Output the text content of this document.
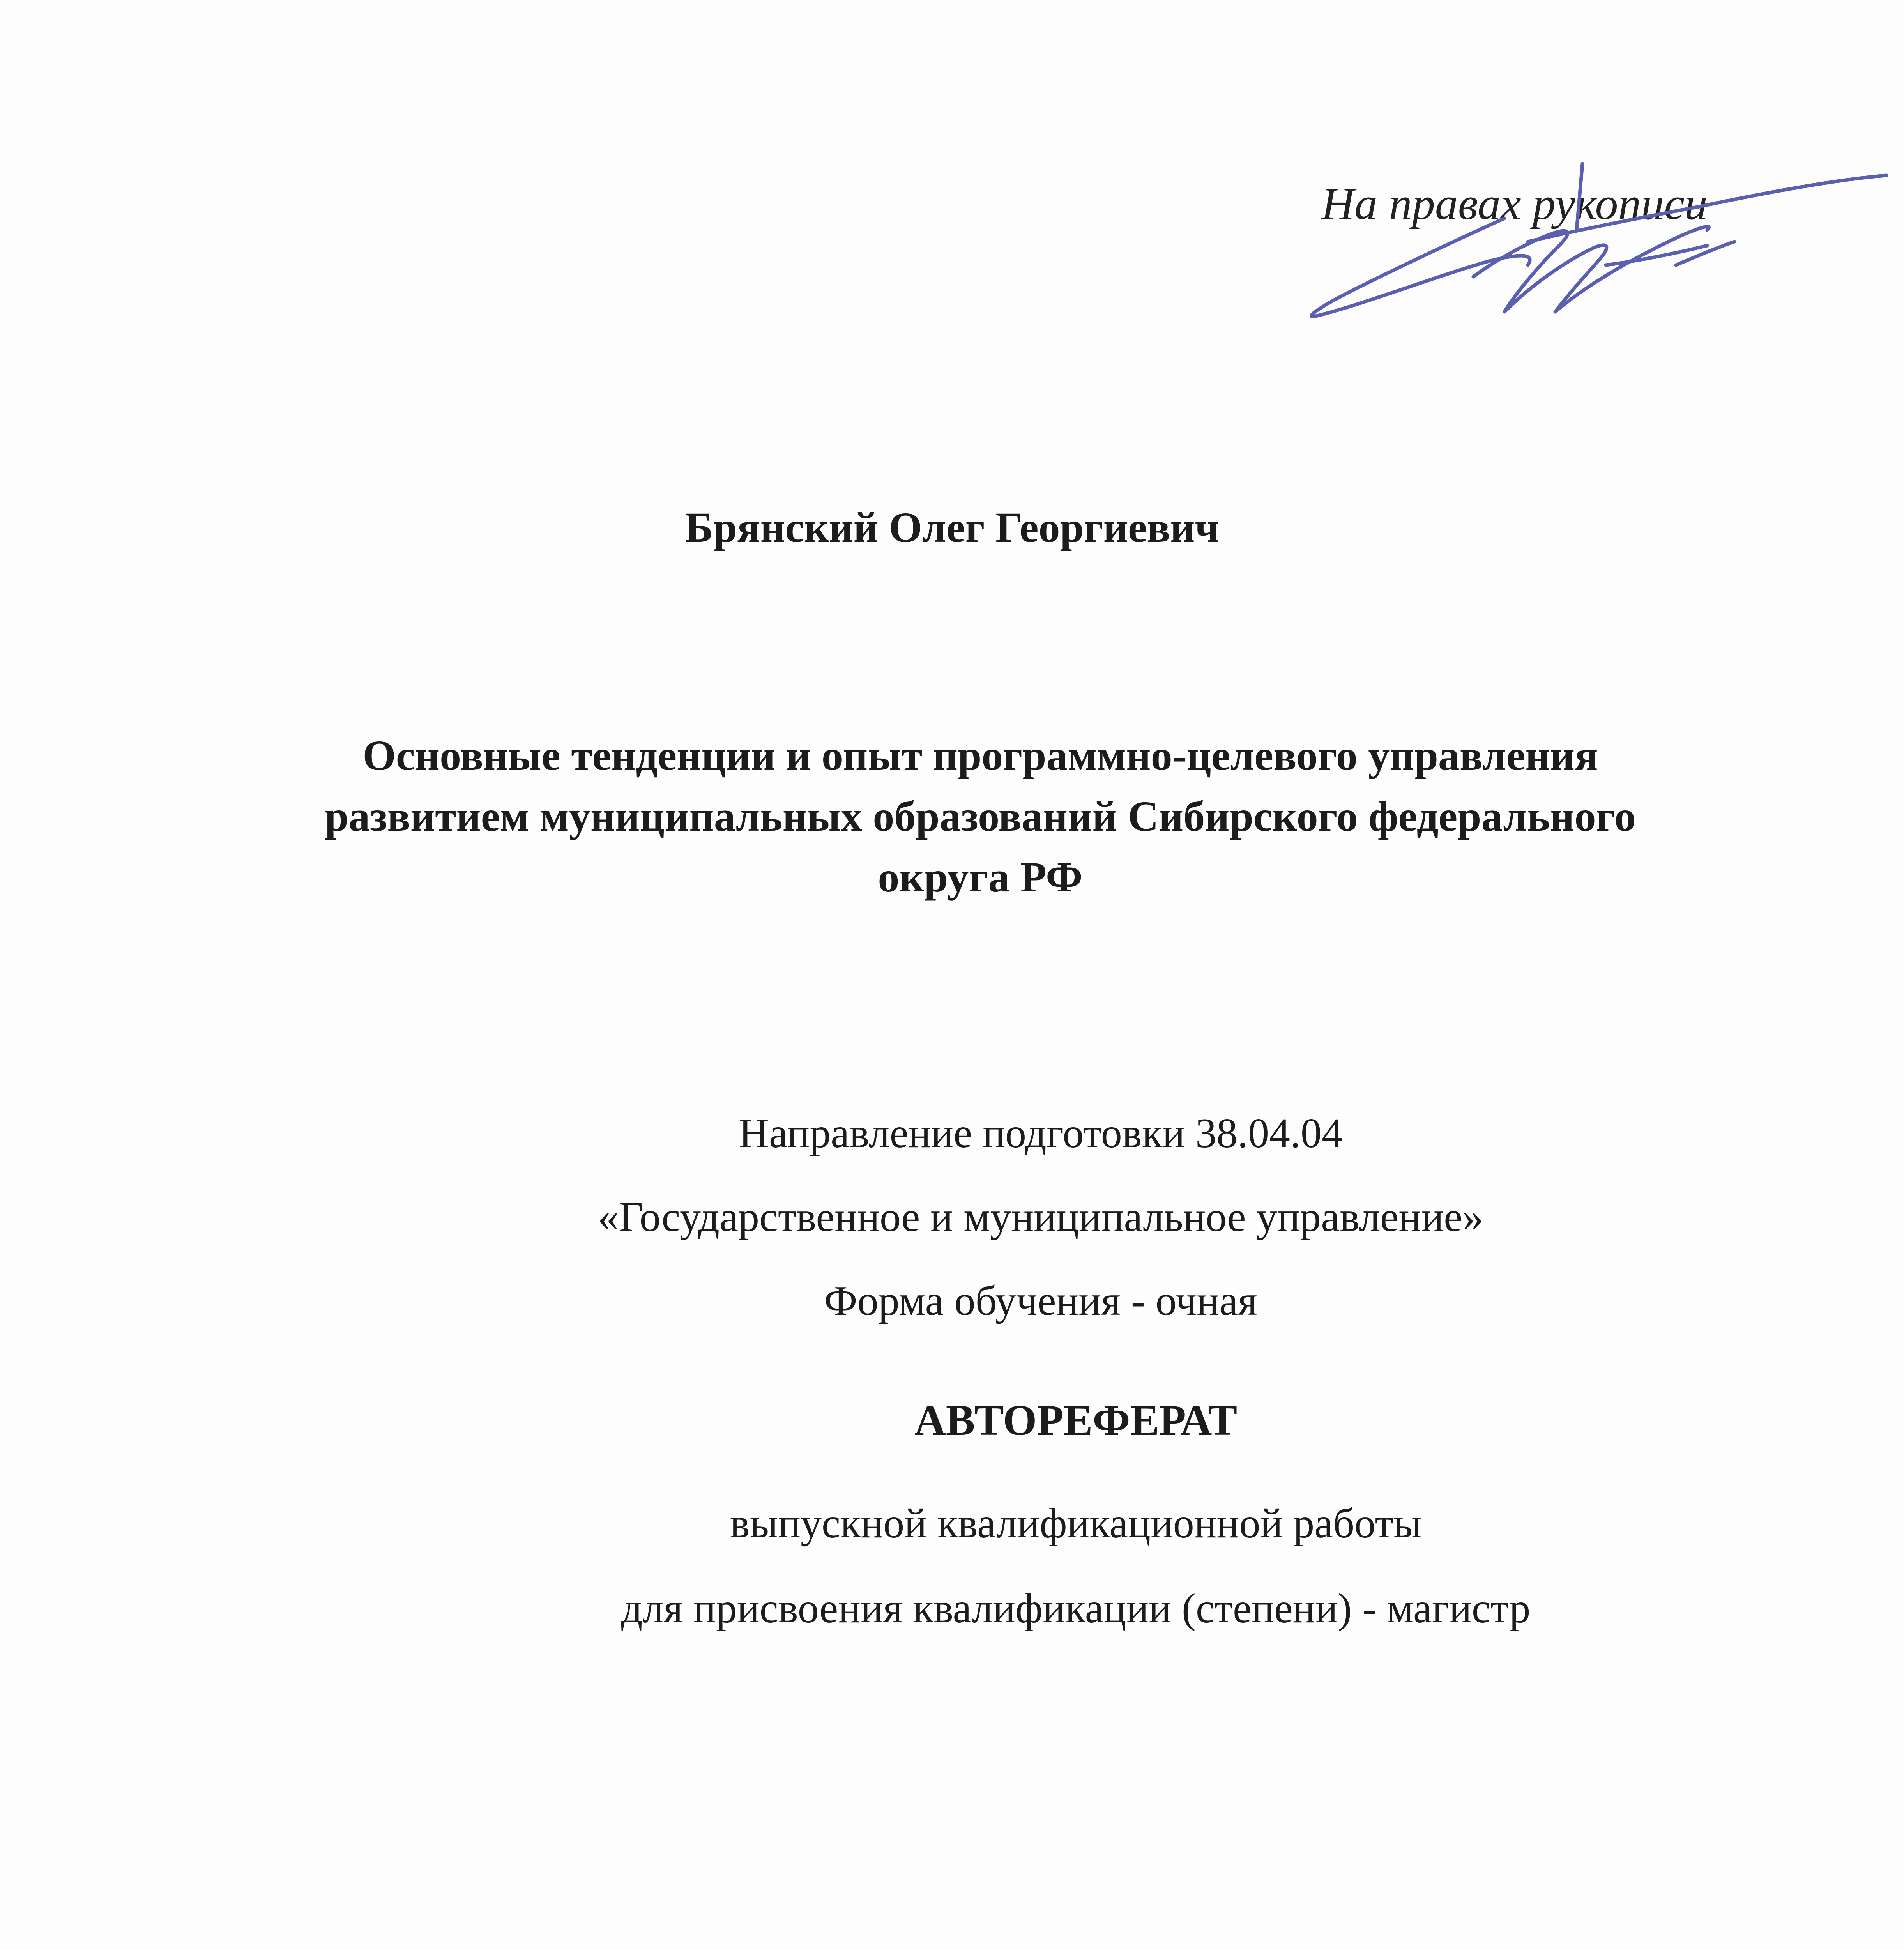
На правах рукописи
Брянский Олег Георгиевич
Основные тенденции и опыт программно-целевого управления
развитием муниципальных образований Сибирского федерального
округа РФ
Направление подготовки 38.04.04
«Государственное и муниципальное управление»
Форма обучения - очная
АВТОРЕФЕРАТ
выпускной квалификационной работы
для присвоения квалификации (степени) - магистр
